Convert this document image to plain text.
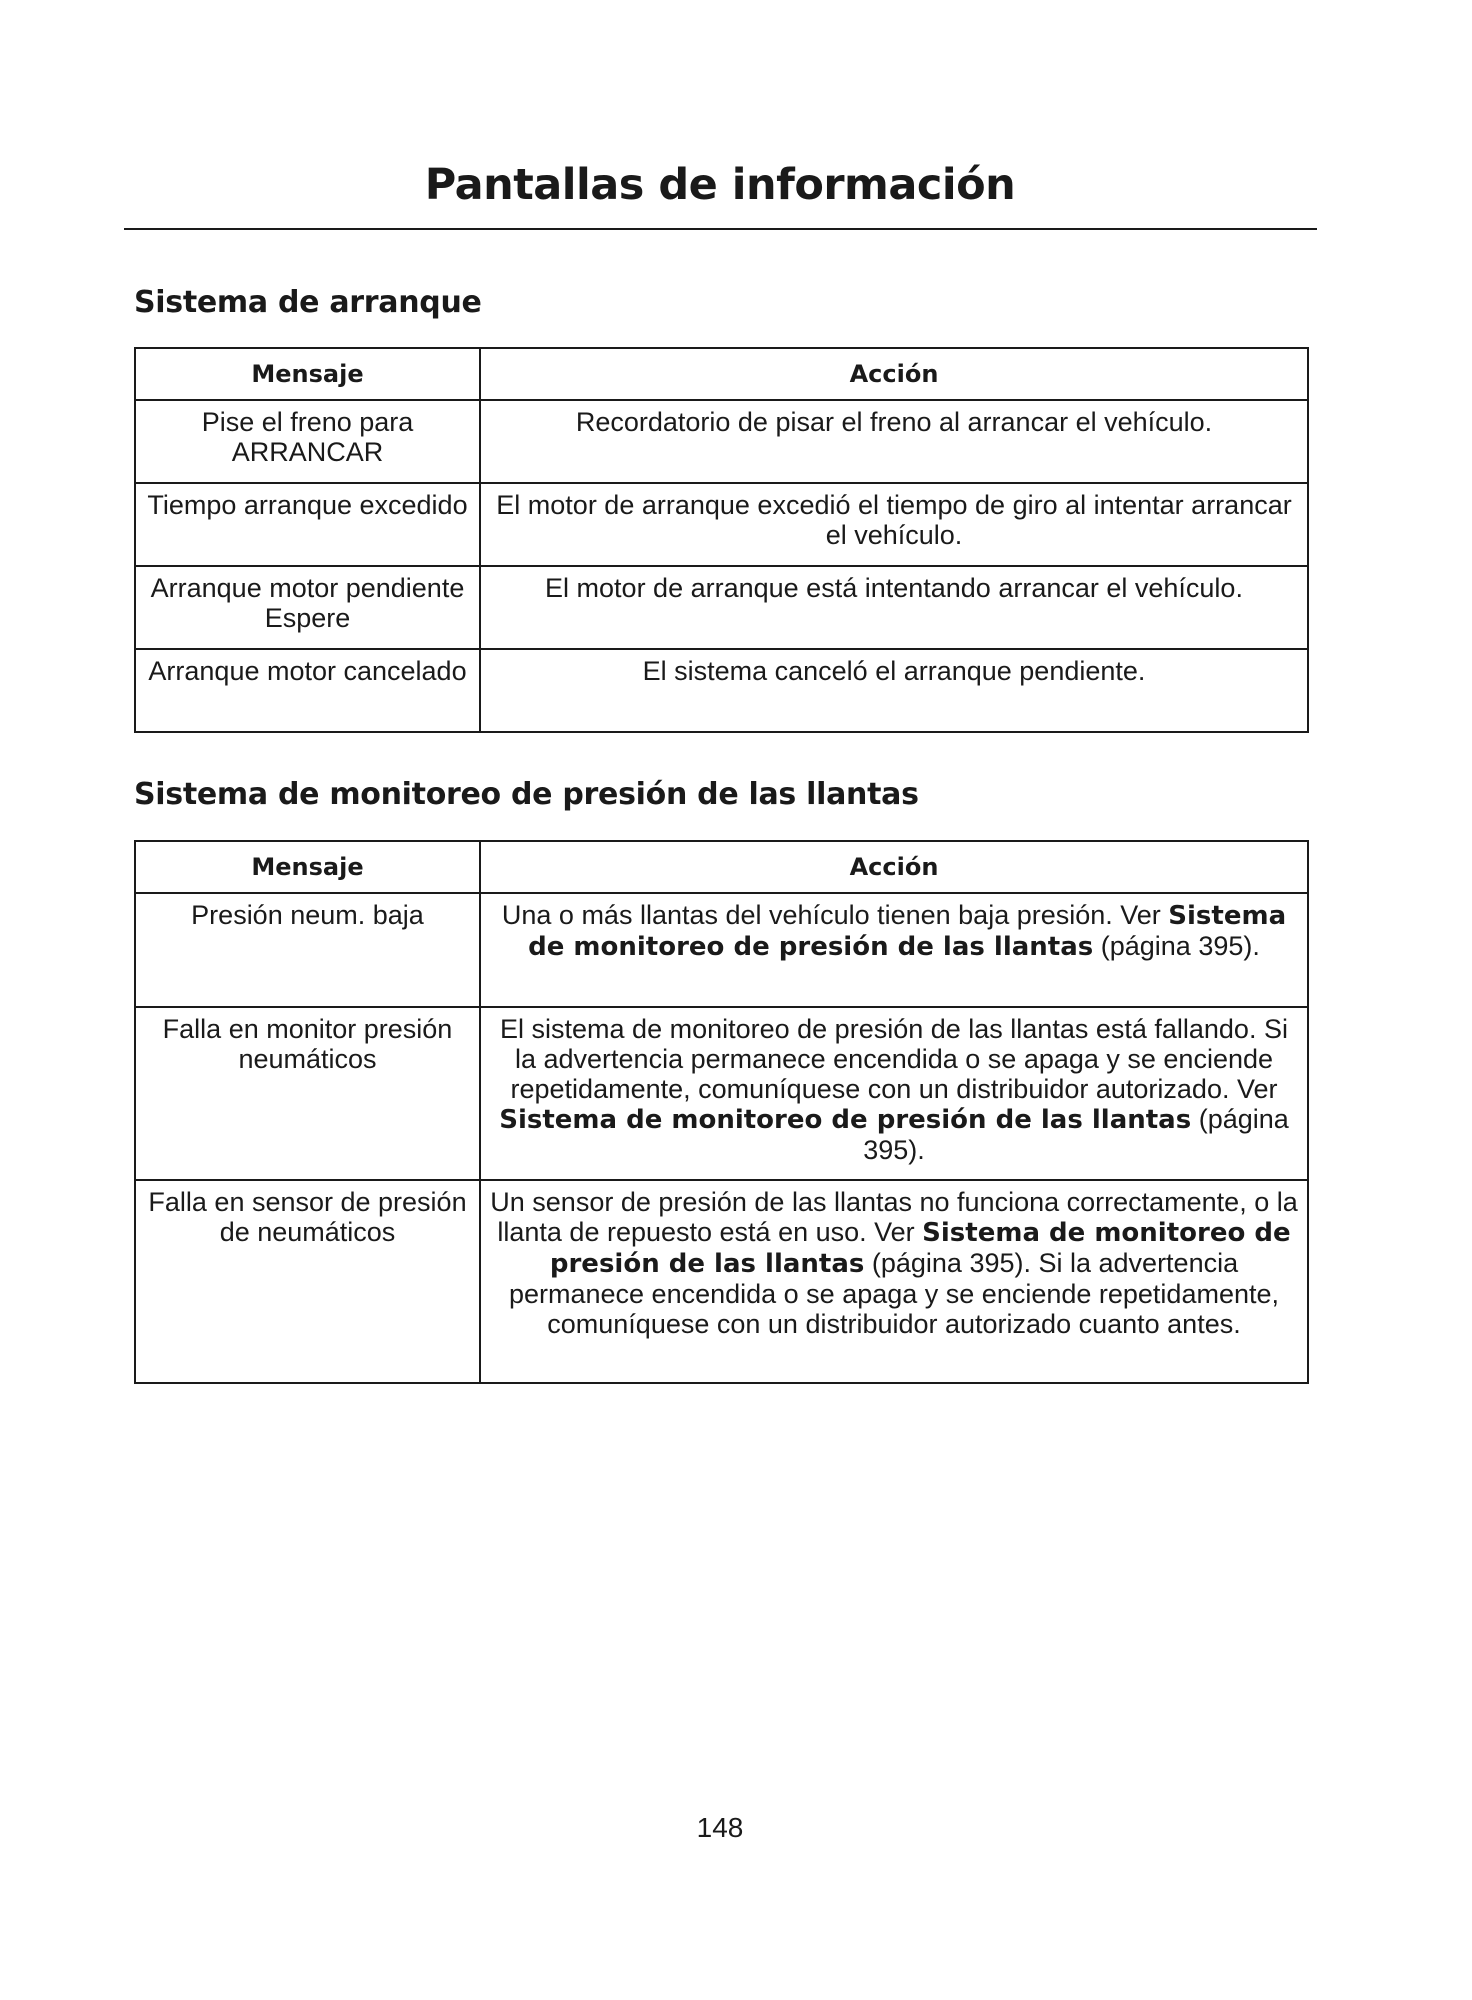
Pantallas de información
Sistema de arranque
Mensaje	Acción
Pise el freno para ARRANCAR	Recordatorio de pisar el freno al arrancar el vehículo.
Tiempo arranque excedido	El motor de arranque excedió el tiempo de giro al intentar arrancar el vehículo.
Arranque motor pendiente Espere	El motor de arranque está intentando arrancar el vehículo.
Arranque motor cancelado	El sistema canceló el arranque pendiente.
Sistema de monitoreo de presión de las llantas
Mensaje	Acción
Presión neum. baja	Una o más llantas del vehículo tienen baja presión. Ver Sistema de monitoreo de presión de las llantas (página 395).
Falla en monitor presión neumáticos	El sistema de monitoreo de presión de las llantas está fallando. Si la advertencia permanece encendida o se apaga y se enciende repetidamente, comuníquese con un distribuidor autorizado. Ver Sistema de monitoreo de presión de las llantas (página 395).
Falla en sensor de presión de neumáticos	Un sensor de presión de las llantas no funciona correctamente, o la llanta de repuesto está en uso. Ver Sistema de monitoreo de presión de las llantas (página 395). Si la advertencia permanece encendida o se apaga y se enciende repetidamente, comuníquese con un distribuidor autorizado cuanto antes.

148
